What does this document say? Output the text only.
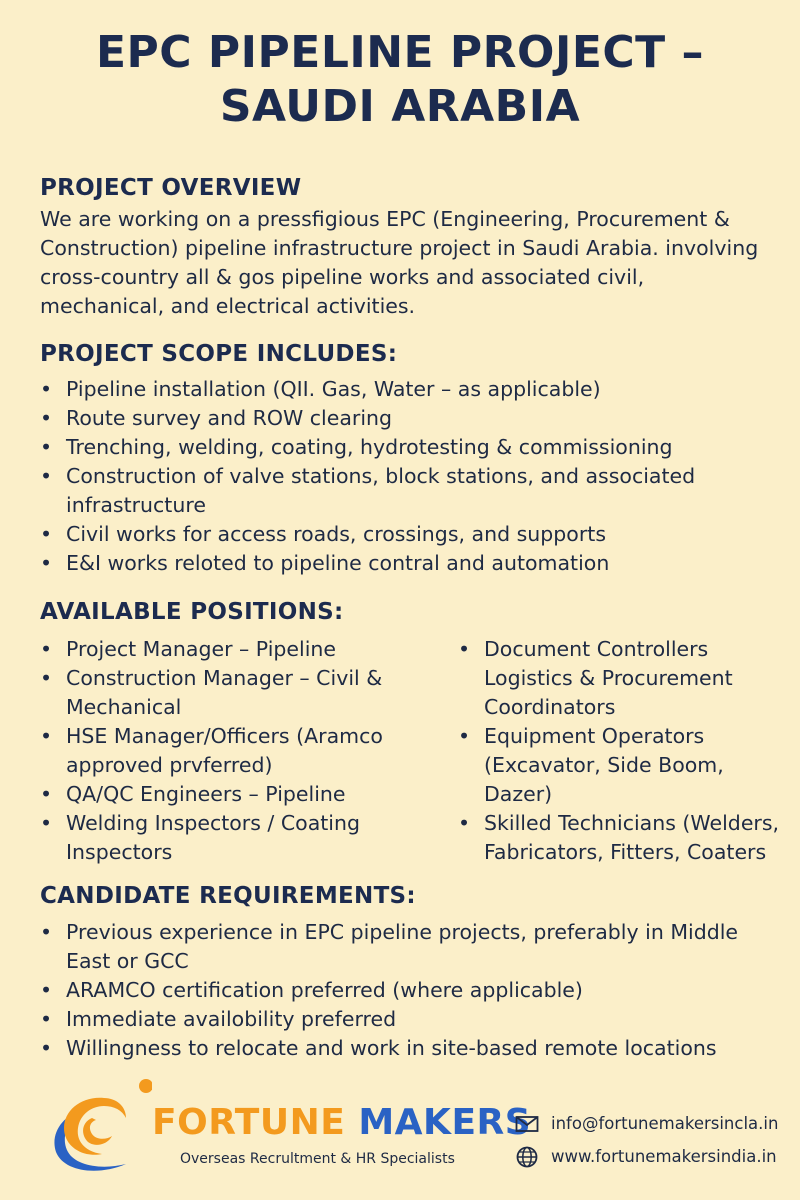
EPC PIPELINE PROJECT –
SAUDI ARABIA
PROJECT OVERVIEW

We are working on a pressfigious EPC (Engineering, Procurement & Construction) pipeline infrastructure project in Saudi Arabia. involving cross-country all & gos pipeline works and associated civil, mechanical, and electrical activities.

PROJECT SCOPE INCLUDES:
• Pipeline installation (QII. Gas, Water – as applicable)
• Route survey and ROW clearing
• Trenching, welding, coating, hydrotesting & commissioning
• Construction of valve stations, block stations, and associated infrastructure
• Civil works for access roads, crossings, and supports
• E&I works reloted to pipeline contral and automation
AVAILABLE POSITIONS:
• Project Manager – Pipeline
• Construction Manager – Civil & Mechanical
• HSE Manager/Officers (Aramco approved prvferred)
• QA/QC Engineers – Pipeline
• Welding Inspectors / Coating Inspectors
• Document Controllers Logistics & Procurement Coordinators
• Equipment Operators (Excavator, Side Boom, Dazer)
• Skilled Technicians (Welders, Fabricators, Fitters, Coaters
CANDIDATE REQUIREMENTS:
• Previous experience in EPC pipeline projects, preferably in Middle East or GCC
• ARAMCO certification preferred (where applicable)
• Immediate availobility preferred
• Willingness to relocate and work in site-based remote locations
FORTUNE MAKERS
Overseas Recrultment & HR Specialists
info@fortunemakersincla.in
www.fortunemakersindia.in
